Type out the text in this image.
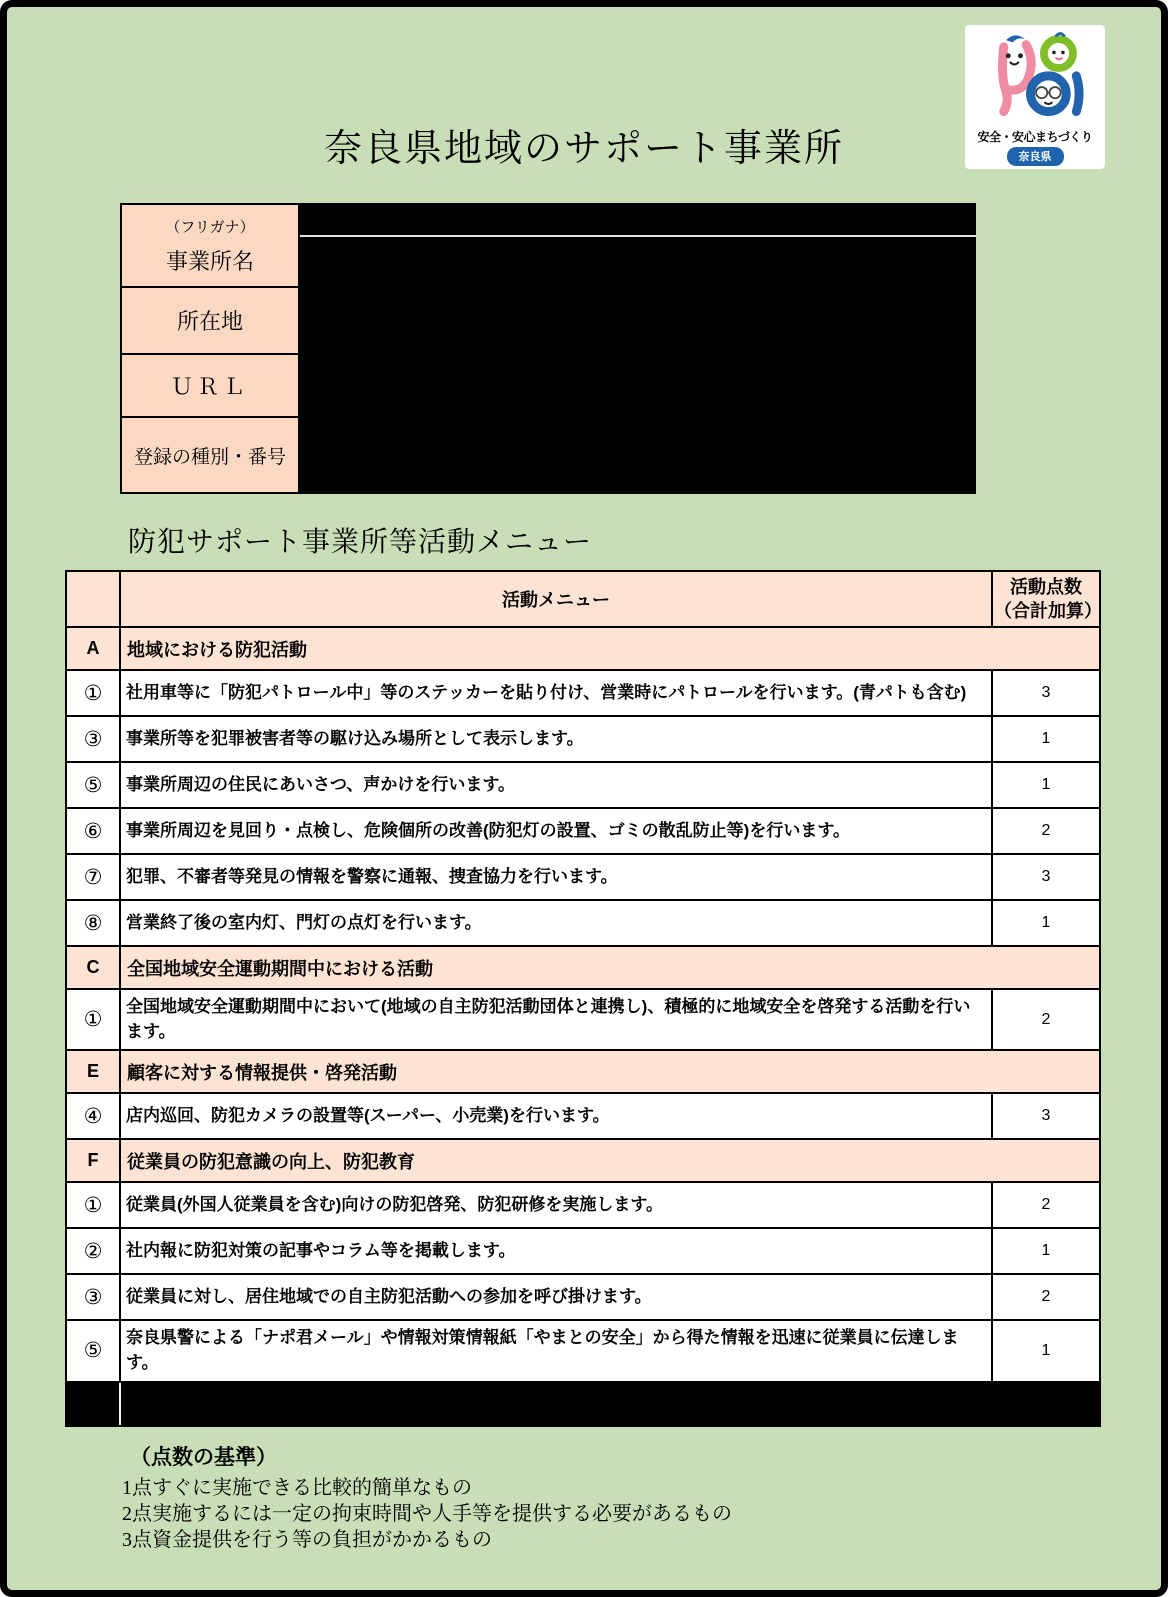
奈良県地域のサポート事業所	安全・安心まちづくり
奈良県
（フリガナ）
事業所名
所在地
ＵＲＬ
登録の種別・番号
防犯サポート事業所等活動メニュー
	活動メニュー	活動点数
（合計加算）

A	地域における防犯活動	
①	社用車等に「防犯パトロール中」等のステッカーを貼り付け、営業時にパトロールを行います。(青パトも含む)	3
③	事業所等を犯罪被害者等の駆け込み場所として表示します。	1
⑤	事業所周辺の住民にあいさつ、声かけを行います。	1
⑥	事業所周辺を見回り・点検し、危険個所の改善(防犯灯の設置、ゴミの散乱防止等)を行います。	2
⑦	犯罪、不審者等発見の情報を警察に通報、捜査協力を行います。	3
⑧	営業終了後の室内灯、門灯の点灯を行います。	1
C	全国地域安全運動期間中における活動	
①	全国地域安全運動期間中において(地域の自主防犯活動団体と連携し)、積極的に地域安全を啓発する活動を行います。	2
E	顧客に対する情報提供・啓発活動	
④	店内巡回、防犯カメラの設置等(スーパー、小売業)を行います。	3
F	従業員の防犯意識の向上、防犯教育	
①	従業員(外国人従業員を含む)向けの防犯啓発、防犯研修を実施します。	2
②	社内報に防犯対策の記事やコラム等を掲載します。	1
③	従業員に対し、居住地域での自主防犯活動への参加を呼び掛けます。	2
⑤	奈良県警による「ナポ君メール」や情報対策情報紙「やまとの安全」から得た情報を迅速に従業員に伝達します。	1

（点数の基準）
1点すぐに実施できる比較的簡単なもの
2点実施するには一定の拘束時間や人手等を提供する必要があるもの
3点資金提供を行う等の負担がかかるもの
